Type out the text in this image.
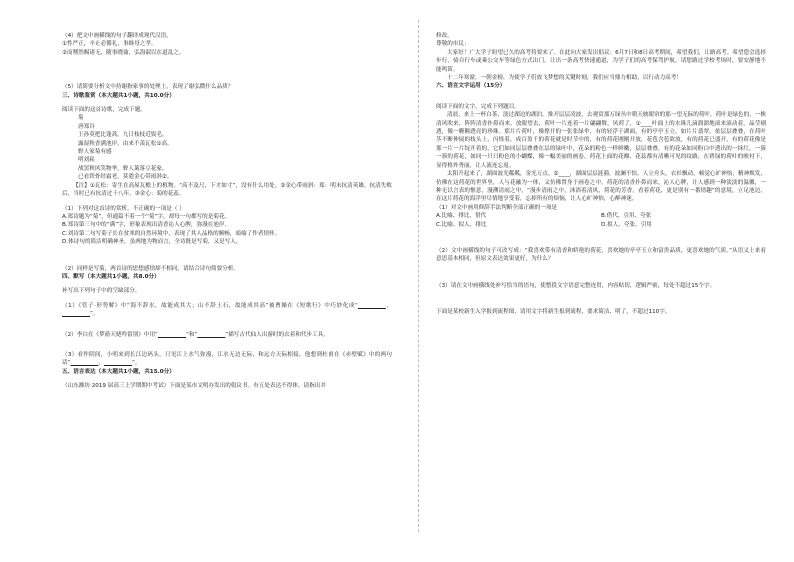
（4）把文中画横线的句子翻译成现代汉语。
①性严正，辛止必循礼，事继母之孝。
②而嘿然赐诸无，随事晓谕，弘海淑以在道乱之。
（5）请简要分析文中持谢指家事的处理上，表现了谢弘微什么品质？
三、诗歌鉴赏（本大题共1小题，共10.0分）
阅读下面的这首诗歌，完成下题。
菊
唐郑谷
王孙莫把比蓬蒿，九日枝枝近鬓毛。
露湿秋香满池岸，由来不羡瓦松①高。
野人家菊有感
明刘崧
战罢秋风笑物华，野人篱落豆花家。
已看铁骨经霜老，莫遣金心带雨斜②。
【注】①瓦松：寄生在高屋瓦檐上的植物。“高不及尺，下才如寸”，没有什么用处。②金心带雨斜：郑：明末抗清英雄，抗清失败后，当时已有抗清过十八年。③金心：菊的花蕊。
（1）下列对这首诗的赏析，不正确的一项是（ ）
A.郑诗题为“菊”，但通篇不着一个“菊”字，却每一句都写的是菊花。
B.郑诗第三句中的“满”字，形象表现出清香沁人心脾，弥漫在池岸。
C.刘诗第二句写菊子长在贫寒的自然环境中，表现了其人品格的顺畅，暗喻了作者情怀。
D.体诗句的简洁明确神圣，虽两地为物而言，全诗既是写菊，又是写人。
（2）同样是写菊，两首诗的思想感情却不相同，请结合诗句简要分析。
四、默写（本大题共1小题，共8.0分）
补写出下列句子中的空缺部分。
（1）《管子·形势解》中“海不辞水，故能成其大；山不辞土石，故能成其高”被曹操在《短歌行》中巧妙化成“__________，__________”。
（2）李白在《梦游天姥吟留别》中用“__________”和“__________”描写古代仙人出游时的衣着和代步工具。
（3）看作阴间，小明来到长江边码头，只见江上水气弥漫，江水无边无际，和远方天际相接，他想到杜甫在《赤壁赋》中的两句话“__________，__________”。
五、语言表达（本大题共1小题，共15.0分）
（山东潍坊 2019 届高三上学期期中考试）下面是某市文明办发出的倡议书。有五处表达不得体，请指出并
修改。
尊敬的市民：
大家好！广大学子盼望已久的高考将要来了。在此向大家发出倡议：6月7日和8日高考期间，希望我们，让路高考。希望您会选择步行、骑自行车或乘公交车等绿色方式出门，让出一条高考快速通道，为学子们的高考保驾护航。请您路过学校考场时，要安静地不能鸣笛。
十二年寒窗，一朝金榜，为使学子们放飞梦想的关键时刻，我们应当鼎力相助，以行动力高考！
六、语言文字运用（15分）
阅读下面的文字，完成下列题目。
清晨，来上一杯白茶，淡过湖边的湖泊。推开层层凌波，去观赏那万绿丛中朝天映眼帘的那一望无际的荷叶，荷叶是绿色的，一株清风吹来，阵阵清香扑鼻而来，放眼望去，荷叶一片连着一片翩翩舞，风荷了，①____叶面上的水珠儿滴溜溜地滚来滚动着，晶莹剔透，像一颗颗透亮的珍珠。那片片荷叶，像撑开的一张张绿伞，有的轻浮于湖面，有的亭亭玉立，如片片翡翠，依层层叠叠，在荷叶茎不断伸展的枝头上，闪烁着，成百盈千的荷花就是时节中的，有的荷花刚刚开放，花苞含苞欲放，有的荷花已盛开，有的荷花像是那一片一片绽开着的，它们如同层层叠叠在层的绿叶中，花朵的粉色一样鲜嫩，层层叠叠，有的花朵如同粉白中透出的一抹红，一簇一簇的荷花，如同一只只粉色的小蝴蝶，像一幅美丽的画卷，荷花上面的花瓣、花蕊都有清晰可见的纹路，在碧绿的荷叶的映衬下，显得格外秀丽，让人流连忘返。
太阳升起来了，湖面波光粼粼，金光万点。②____，湖面层层涟漪，波澜不惊，人立舟头，衣衫飘动，顿觉心旷神怡，精神焕发，仿佛在这荷花的世界里，人与花融为一体，又仿佛置身于画卷之中。荷花的清香扑鼻而来，沁人心脾，让人感到一种淡淡的温馨，一种无以言表的惬意，漫溯清雨之中，“漫步清雨之中，沐浴着清风，荷花的芳香，看着荷花，更是别有一番情趣”的意境，立足池边，在这片荷花的海洋里尽情地享受着，忘掉所有的烦恼，让人心旷神怡，心醉神迷。
（1）对文中画用修辞手法判断全部正确的一项是
A.比喻、排比、借代	B.借代、引用、夸张
C.比喻、拟人、排比	D.拟人、夸张、引用
（2）文中画横线的句子可改写成：“我喜欢带有清香和娇艳的荷花，喜欢她的亭亭玉立和富贵品质，更喜欢她的气质。”从语义上来看意思基本相同，但原文表达效果更好，为什么？
（3）请在文中画横线处补写恰当的语句，使整段文字语意完整连贯，内容贴切，逻辑严密，每处不超过15个字。
下面是某校新生入学报到流程图，请用文字将新生报到流程，要求简洁、明了，不超过110字。
